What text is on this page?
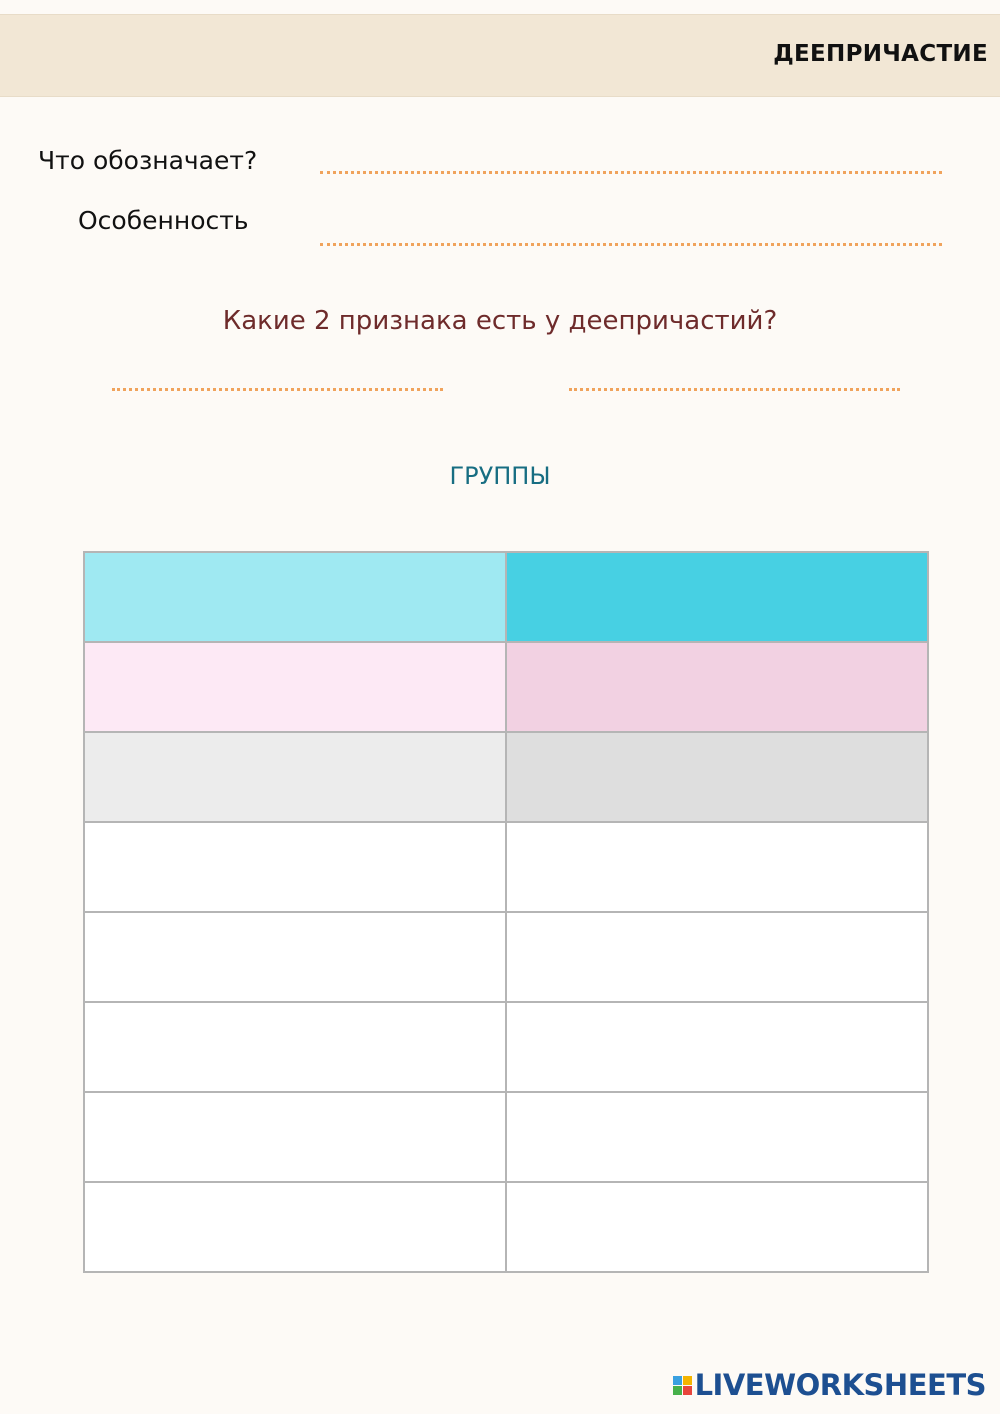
ДЕЕПРИЧАСТИЕ
Что обозначает?
Особенность
Какие 2 признака есть у деепричастий?
ГРУППЫ

LIVEWORKSHEETS
